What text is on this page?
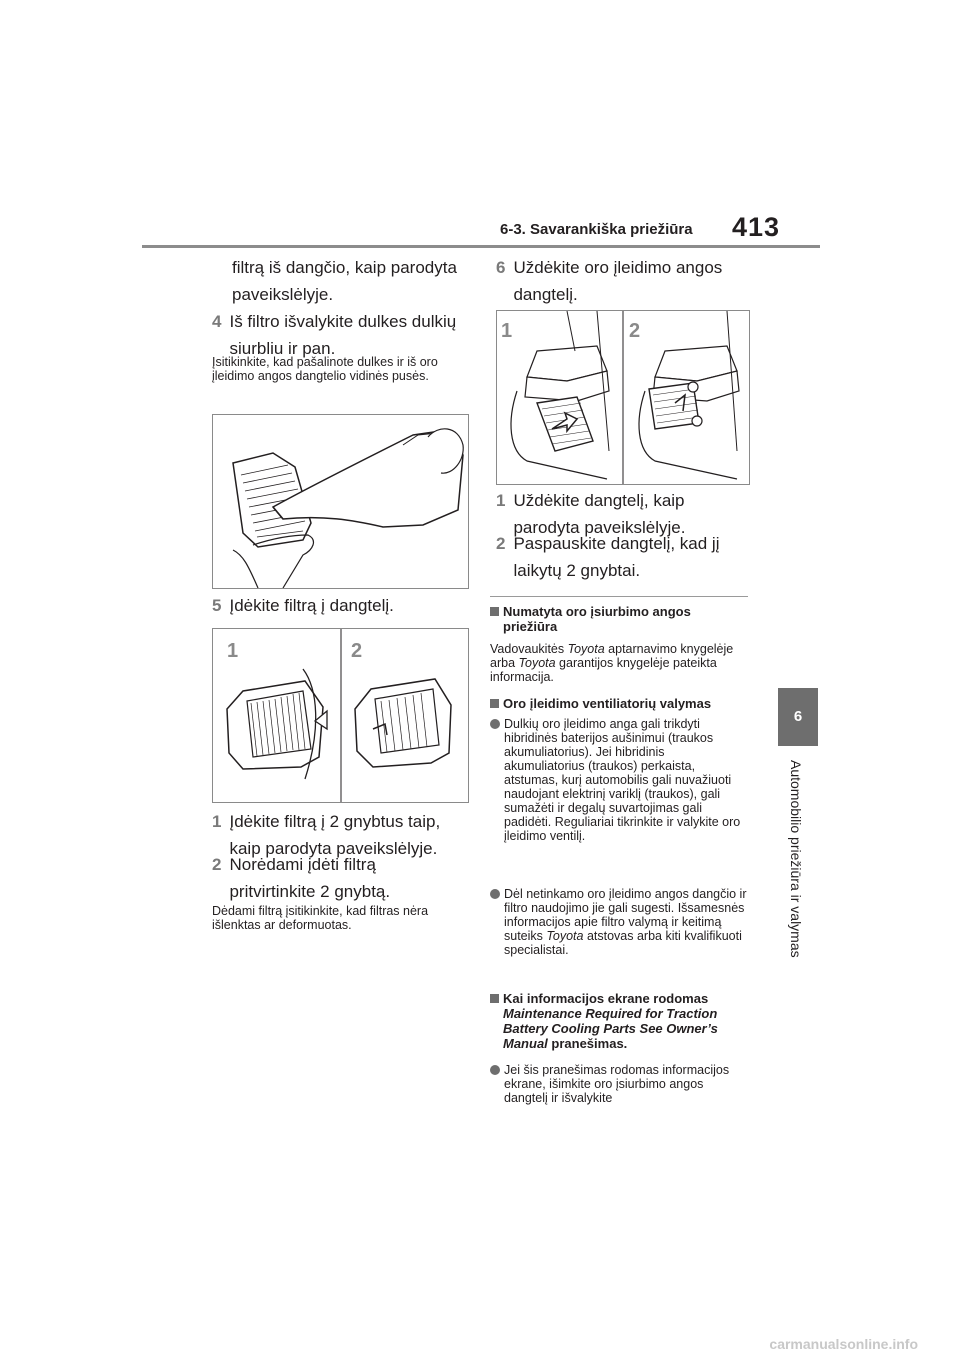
6-3. Savarankiška priežiūra 413
6
Automobilio priežiūra ir valymas
filtrą iš dangčio, kaip parodyta paveikslėlyje.
4 Iš filtro išvalykite dulkes dulkių siurbliu ir pan.
Įsitikinkite, kad pašalinote dulkes ir iš oro įleidimo angos dangtelio vidinės pusės.
5 Įdėkite filtrą į dangtelį.
1	2
1 Įdėkite filtrą į 2 gnybtus taip, kaip parodyta paveikslėlyje.
2 Norėdami įdėti filtrą pritvirtinkite 2 gnybtą.
Dėdami filtrą įsitikinkite, kad filtras nėra išlenktas ar deformuotas.
6 Uždėkite oro įleidimo angos dangtelį.
1	2
1 Uždėkite dangtelį, kaip parodyta paveikslėlyje.
2 Paspauskite dangtelį, kad jį laikytų 2 gnybtai.
Numatyta oro įsiurbimo angos priežiūra
Vadovaukitės Toyota aptarnavimo knygelėje arba Toyota garantijos knygelėje pateikta informacija.
Oro įleidimo ventiliatorių valymas
Dulkių oro įleidimo anga gali trikdyti hibridinės baterijos aušinimui (traukos akumuliatorius). Jei hibridinis akumuliatorius (traukos) perkaista, atstumas, kurį automobilis gali nuvažiuoti naudojant elektrinį variklį (traukos), gali sumažėti ir degalų suvartojimas gali padidėti. Reguliariai tikrinkite ir valykite oro įleidimo ventilį.
Dėl netinkamo oro įleidimo angos dangčio ir filtro naudojimo jie gali sugesti. Išsamesnės informacijos apie filtro valymą ir keitimą suteiks Toyota atstovas arba kiti kvalifikuoti specialistai.
Kai informacijos ekrane rodomas Maintenance Required for Traction Battery Cooling Parts See Owner’s Manual pranešimas.
Jei šis pranešimas rodomas informacijos ekrane, išimkite oro įsiurbimo angos dangtelį ir išvalykite
carmanualsonline.info
